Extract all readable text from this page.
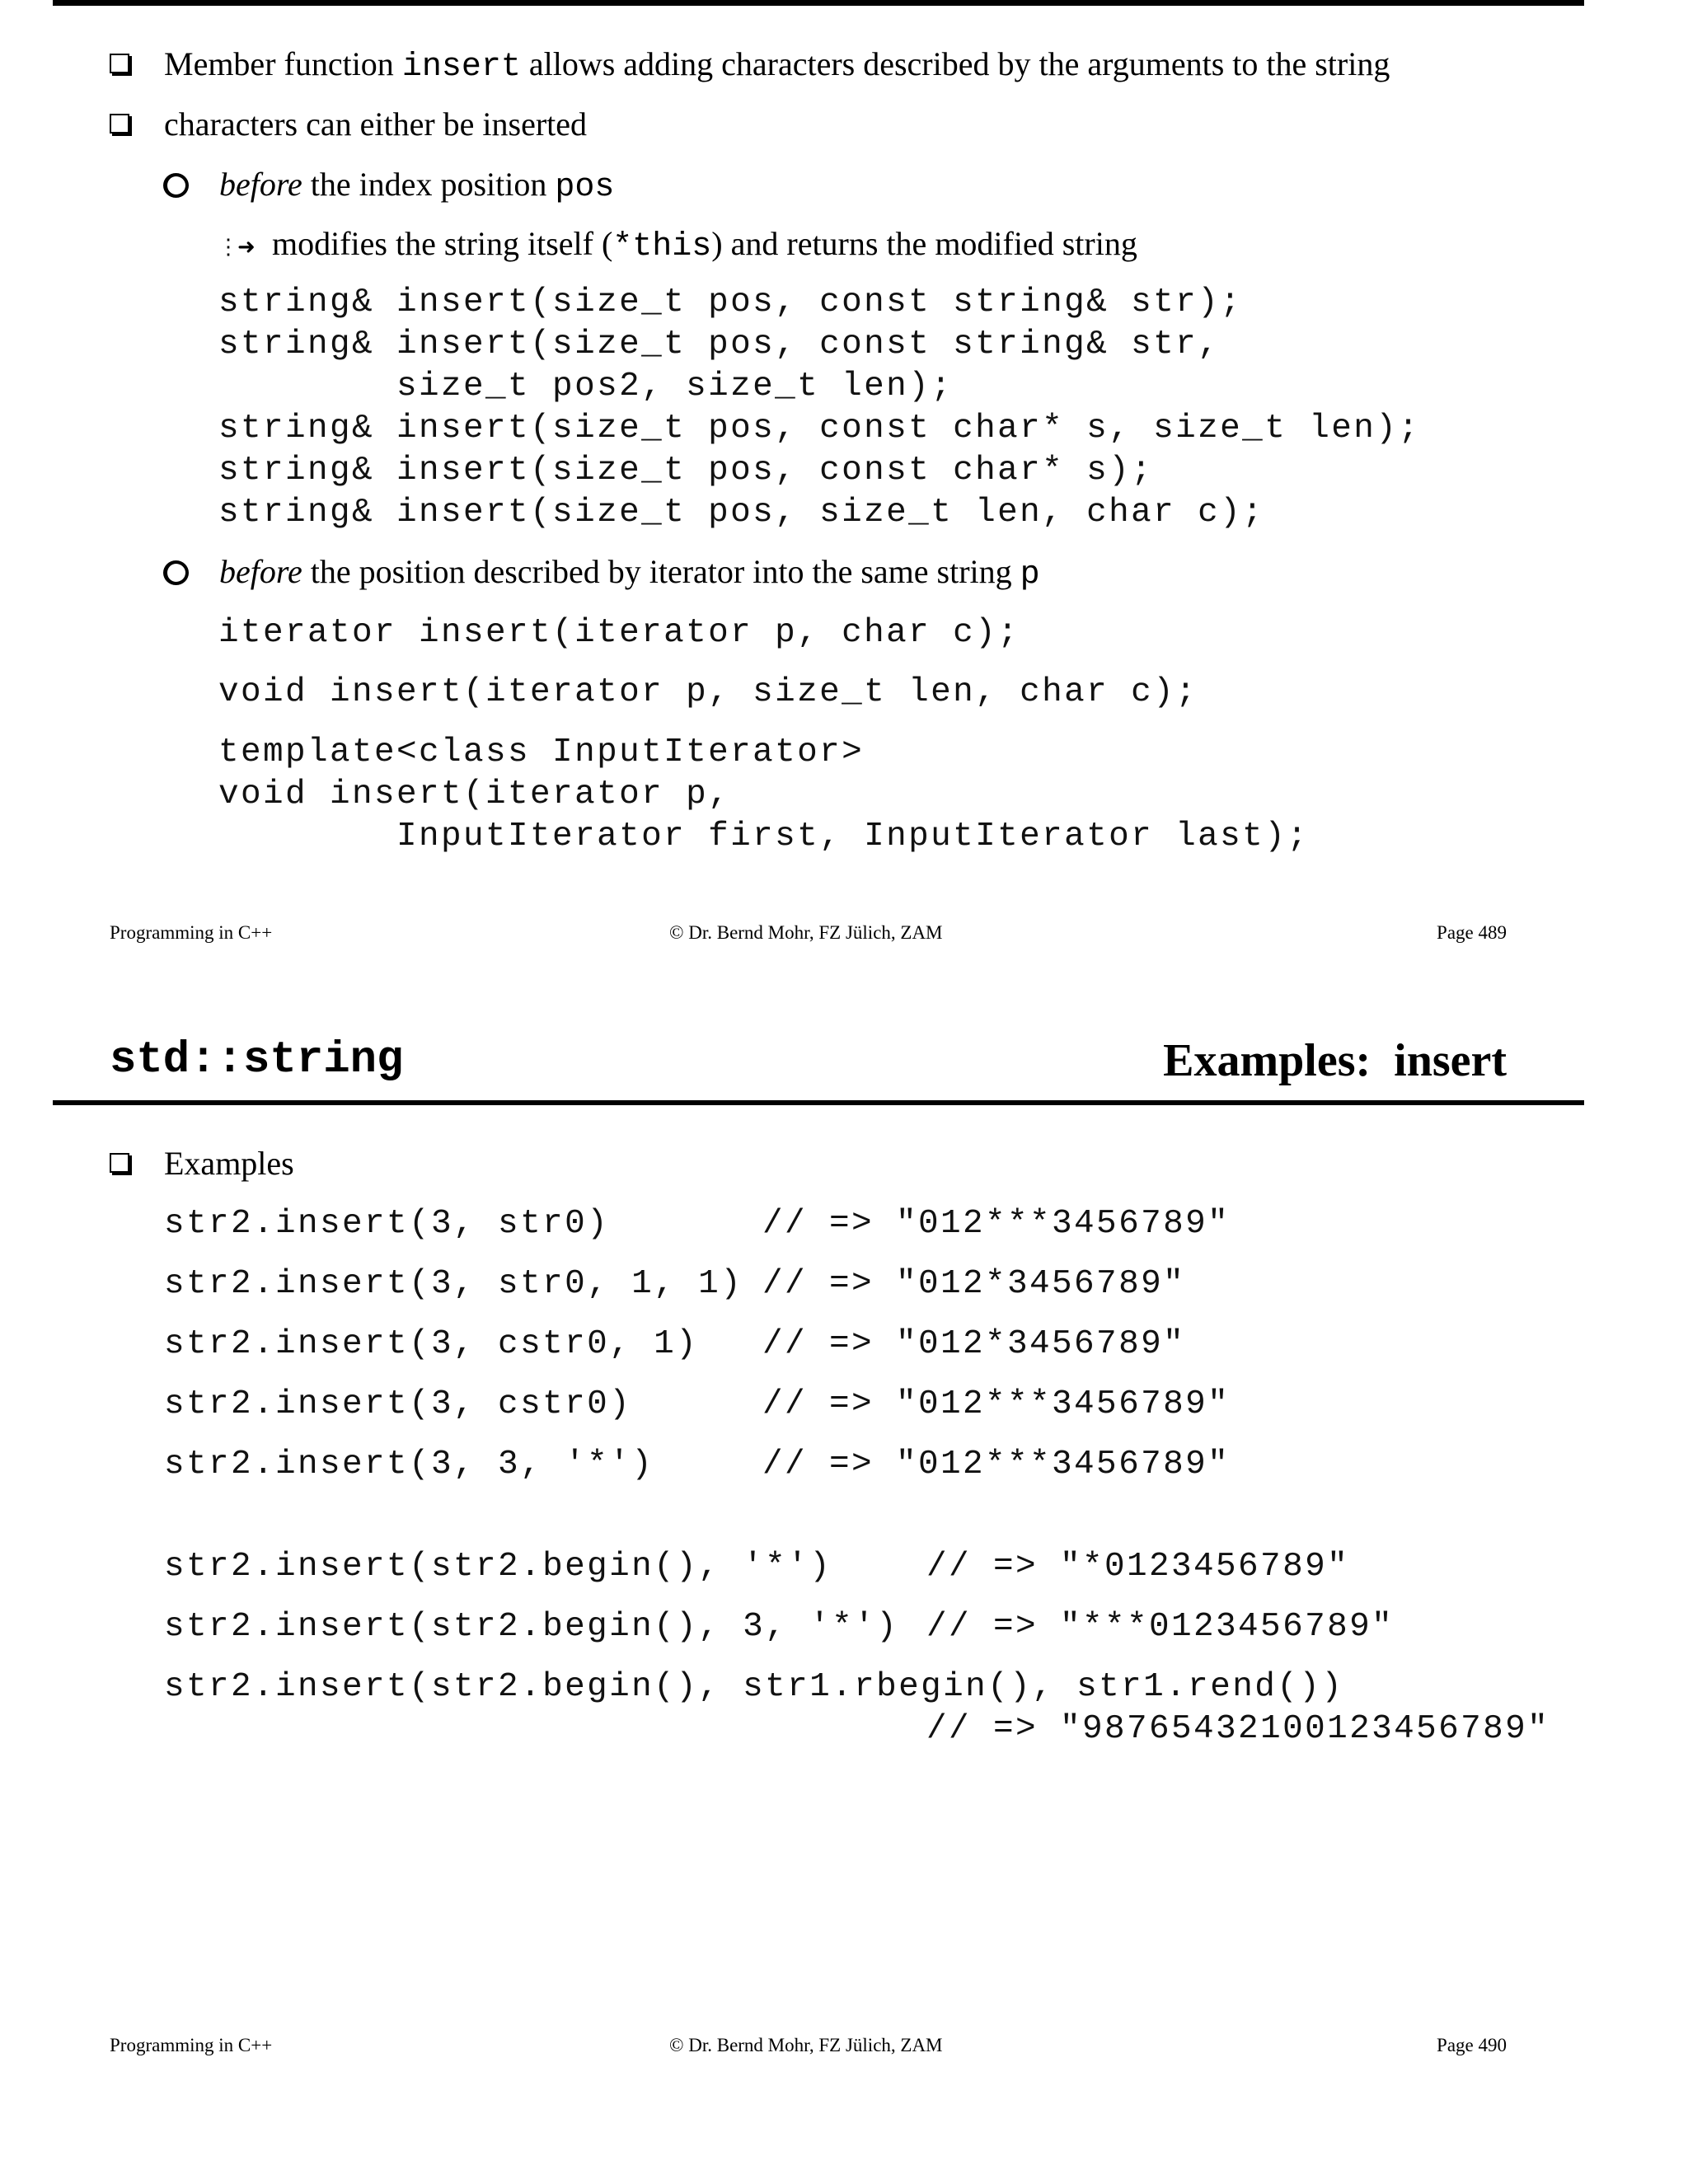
Member function insert allows adding characters described by the arguments to the string
characters can either be inserted
before the index position pos
⋮➜ modifies the string itself (*this) and returns the modified string
string& insert(size_t pos, const string& str);
string& insert(size_t pos, const string& str,
size_t pos2, size_t len);
string& insert(size_t pos, const char* s, size_t len);
string& insert(size_t pos, const char* s);
string& insert(size_t pos, size_t len, char c);
before the position described by iterator into the same string p
iterator insert(iterator p, char c);
void insert(iterator p, size_t len, char c);
template<class InputIterator>
void insert(iterator p,
InputIterator first, InputIterator last);
Programming in C++	© Dr. Bernd Mohr, FZ Jülich, ZAM	Page 489
std::string	Examples: insert
Examples
str2.insert(3, str0)	// => "012***3456789"
str2.insert(3, str0, 1, 1) // => "012*3456789"
str2.insert(3, cstr0, 1) // => "012*3456789"
str2.insert(3, cstr0)	// => "012***3456789"
str2.insert(3, 3, '*')	// => "012***3456789"
str2.insert(str2.begin(), '*')	// => "*0123456789"
str2.insert(str2.begin(), 3, '*') // => "***0123456789"
str2.insert(str2.begin(), str1.rbegin(), str1.rend())
// => "98765432100123456789"
Programming in C++	© Dr. Bernd Mohr, FZ Jülich, ZAM	Page 490
